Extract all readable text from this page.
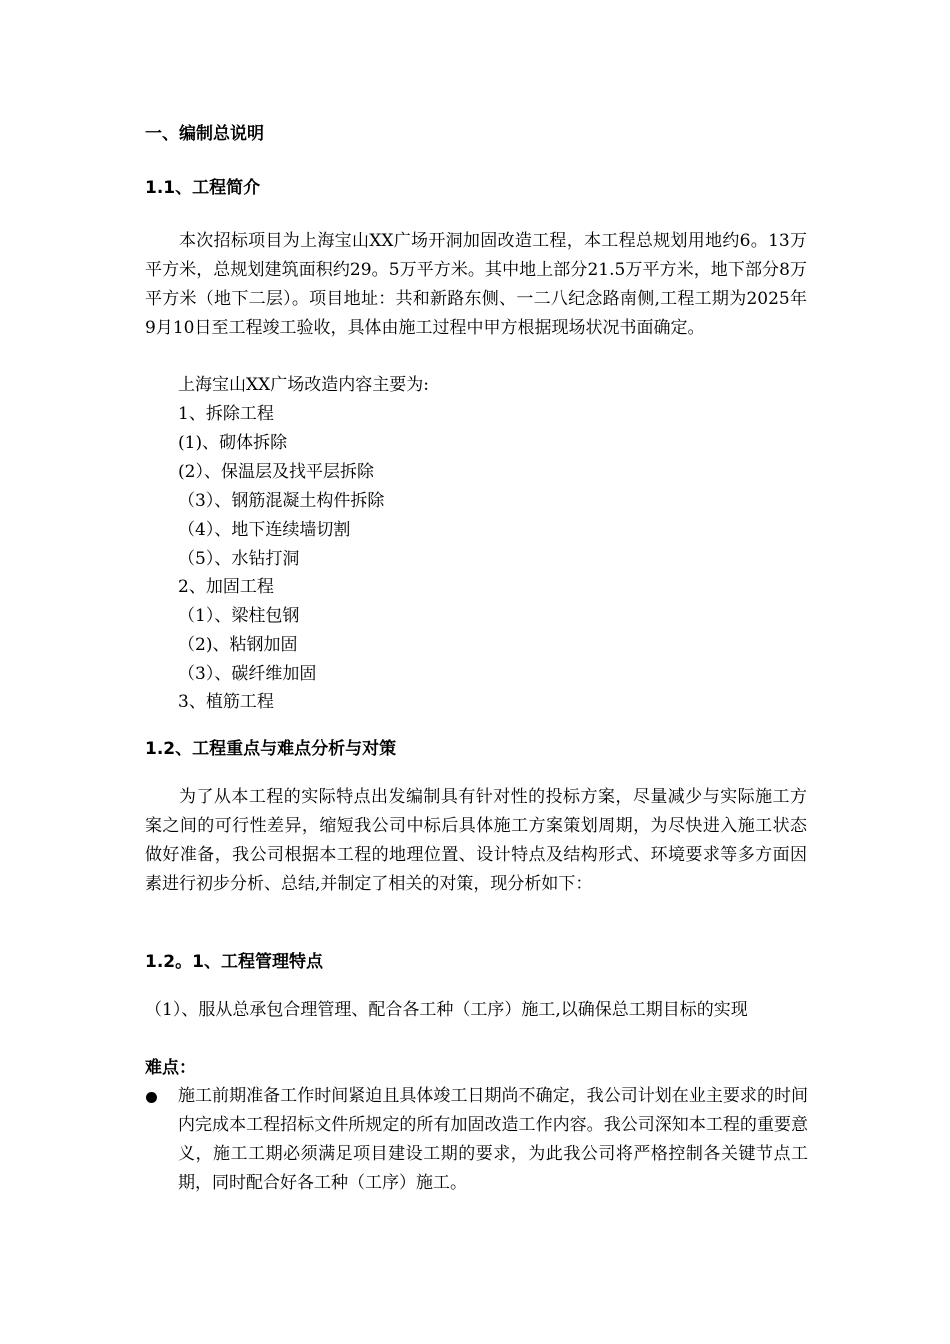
一、编制总说明
1.1、工程简介
本次招标项目为上海宝山XX广场开洞加固改造工程，本工程总规划用地约6。13万平方米，总规划建筑面积约29。5万平方米。其中地上部分21.5万平方米，地下部分8万平方米（地下二层）。项目地址：共和新路东侧、一二八纪念路南侧,工程工期为2025年9月10日至工程竣工验收，具体由施工过程中甲方根据现场状况书面确定。
上海宝山XX广场改造内容主要为:
1、拆除工程
(1)、砌体拆除
(2）、保温层及找平层拆除
（3）、钢筋混凝土构件拆除
（4）、地下连续墙切割
（5）、水钻打洞
2、加固工程
（1）、梁柱包钢
（2)、粘钢加固
（3）、碳纤维加固
3、植筋工程
1.2、工程重点与难点分析与对策
为了从本工程的实际特点出发编制具有针对性的投标方案，尽量减少与实际施工方案之间的可行性差异，缩短我公司中标后具体施工方案策划周期，为尽快进入施工状态做好准备，我公司根据本工程的地理位置、设计特点及结构形式、环境要求等多方面因素进行初步分析、总结,并制定了相关的对策，现分析如下：
1.2。1、工程管理特点
（1）、服从总承包合理管理、配合各工种（工序）施工,以确保总工期目标的实现
难点：
施工前期准备工作时间紧迫且具体竣工日期尚不确定，我公司计划在业主要求的时间内完成本工程招标文件所规定的所有加固改造工作内容。我公司深知本工程的重要意义，施工工期必须满足项目建设工期的要求，为此我公司将严格控制各关键节点工期，同时配合好各工种（工序）施工。
